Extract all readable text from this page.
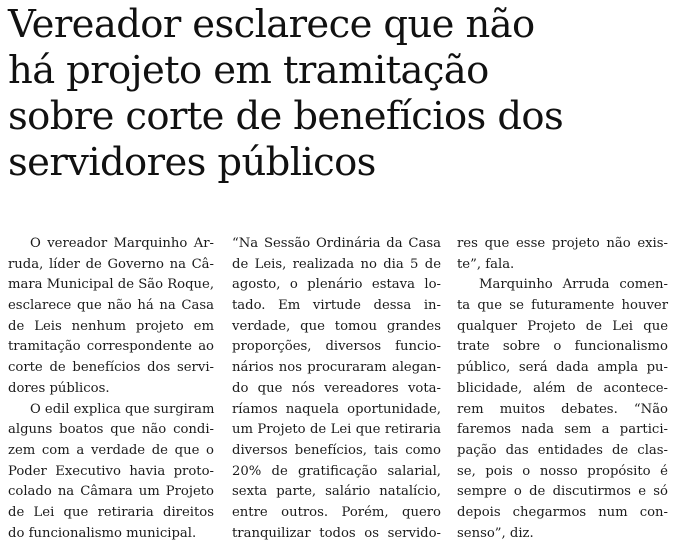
Vereador esclarece que não
há projeto em tramitação
sobre corte de benefícios dos
servidores públicos
O vereador Marquinho Ar-
ruda, líder de Governo na Câ-
mara Municipal de São Roque,
esclarece que não há na Casa
de Leis nenhum projeto em
tramitação correspondente ao
corte de benefícios dos servi-
dores públicos.
O edil explica que surgiram
alguns boatos que não condi-
zem com a verdade de que o
Poder Executivo havia proto-
colado na Câmara um Projeto
de Lei que retiraria direitos
do funcionalismo municipal.
“Na Sessão Ordinária da Casa
de Leis, realizada no dia 5 de
agosto, o plenário estava lo-
tado. Em virtude dessa in-
verdade, que tomou grandes
proporções, diversos funcio-
nários nos procuraram alegan-
do que nós vereadores vota-
ríamos naquela oportunidade,
um Projeto de Lei que retiraria
diversos benefícios, tais como
20% de gratificação salarial,
sexta parte, salário natalício,
entre outros. Porém, quero
tranquilizar todos os servido-
res que esse projeto não exis-
te”, fala.
Marquinho Arruda comen-
ta que se futuramente houver
qualquer Projeto de Lei que
trate sobre o funcionalismo
público, será dada ampla pu-
blicidade, além de acontece-
rem muitos debates. “Não
faremos nada sem a partici-
pação das entidades de clas-
se, pois o nosso propósito é
sempre o de discutirmos e só
depois chegarmos num con-
senso”, diz.
